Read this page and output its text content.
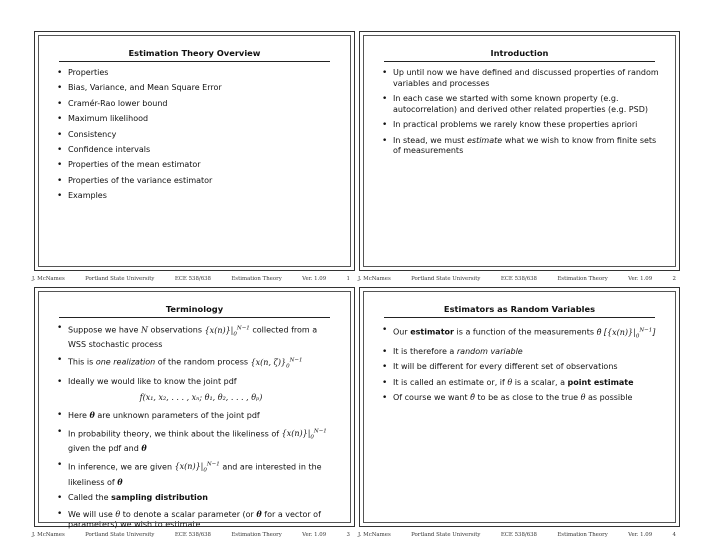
Estimation Theory Overview
• Properties
• Bias, Variance, and Mean Square Error
• Cramér-Rao lower bound
• Maximum likelihood
• Consistency
• Confidence intervals
• Properties of the mean estimator
• Properties of the variance estimator
• Examples
Introduction
• Up until now we have defined and discussed properties of random variables and processes
• In each case we started with some known property (e.g. autocorrelation) and derived other related properties (e.g. PSD)
• In practical problems we rarely know these properties apriori
• In stead, we must estimate what we wish to know from finite sets of measurements
Terminology
• Suppose we have N observations $\{x(n)\}|_0^{N-1}$ collected from a WSS stochastic process
• This is one realization of the random process {x(n, $\zeta)\}_0^{N-1}$
• Ideally we would like to know the joint pdf
f(x₁, x₂, . . . , xₙ; θ₁, θ₂, . . . , θₚ)
• Here θ are unknown parameters of the joint pdf
• In probability theory, we think about the likeliness of $\{x(n)\}|_0^{N-1}$ given the pdf and θ
• In inference, we are given $\{x(n)\}|_0^{N-1}$ and are interested in the likeliness of θ
• Called the sampling distribution
• We will use θ to denote a scalar parameter (or θ for a vector of parameters) we wish to estimate
Estimators as Random Variables
• Our estimator is a function of the measurements θ̂ $[\{x(n)\}|_0^{N-1}]$
• It is therefore a random variable
• It will be different for every different set of observations
• It is called an estimate or, if θ is a scalar, a point estimate
• Of course we want θ̂ to be as close to the true θ as possible
J. McNames	Portland State University	ECE 538/638	Estimation Theory	Ver. 1.09	1 J. McNames	Portland State University	ECE 538/638	Estimation Theory	Ver. 1.09	2
J. McNames	Portland State University	ECE 538/638	Estimation Theory	Ver. 1.09	3 J. McNames	Portland State University	ECE 538/638	Estimation Theory	Ver. 1.09	4
